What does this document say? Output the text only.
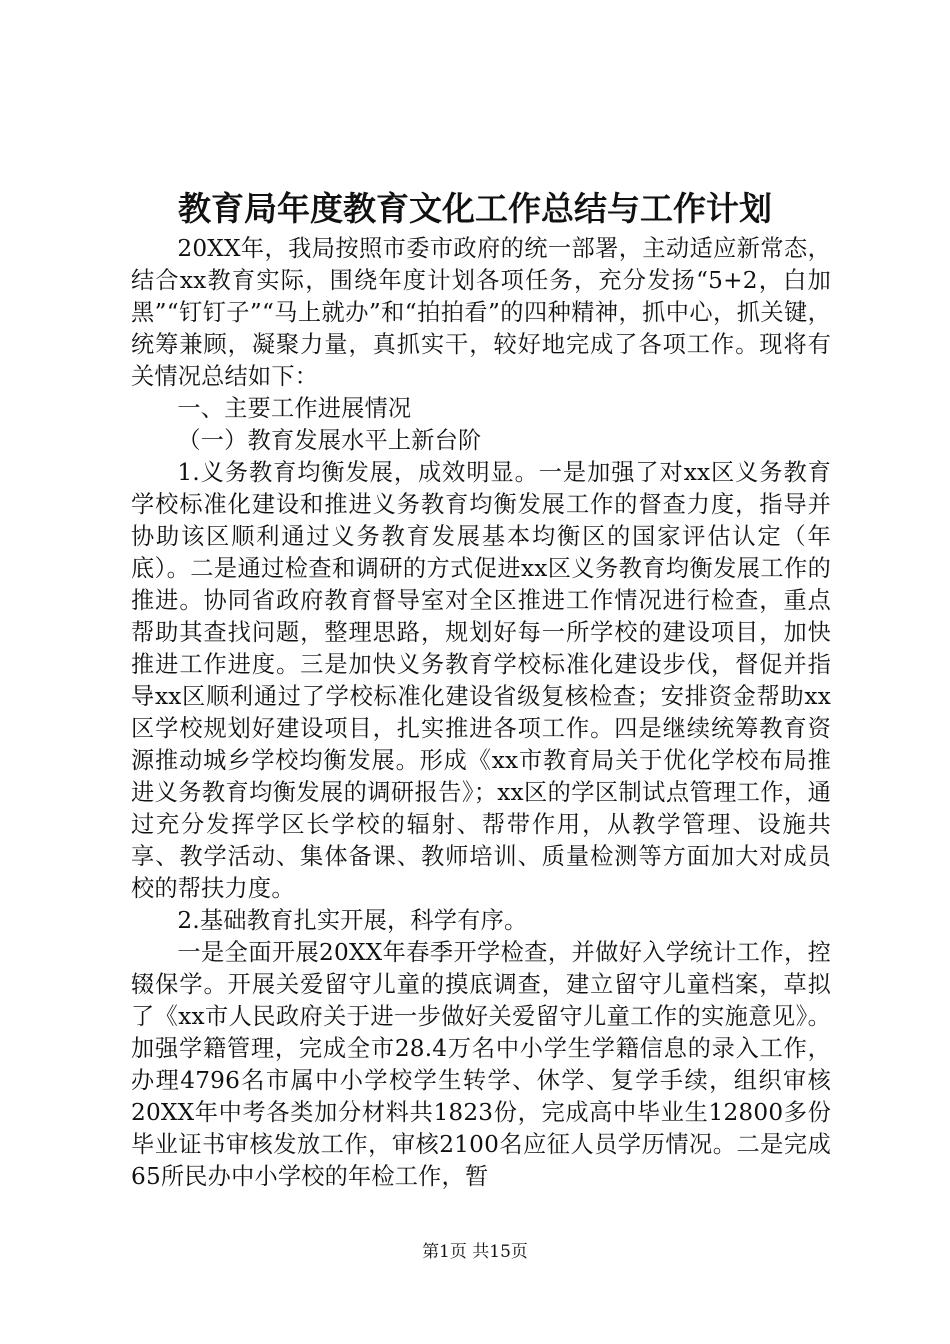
教育局年度教育文化工作总结与工作计划

20XX年，我局按照市委市政府的统一部署，主动适应新常态，结合xx教育实际，围绕年度计划各项任务，充分发扬“5+2，白加黑”“钉钉子”“马上就办”和“拍拍看”的四种精神，抓中心，抓关键，统筹兼顾，凝聚力量，真抓实干，较好地完成了各项工作。现将有关情况总结如下：

一、主要工作进展情况

（一）教育发展水平上新台阶

1.义务教育均衡发展，成效明显。一是加强了对xx区义务教育学校标准化建设和推进义务教育均衡发展工作的督查力度，指导并协助该区顺利通过义务教育发展基本均衡区的国家评估认定（年底）。二是通过检查和调研的方式促进xx区义务教育均衡发展工作的推进。协同省政府教育督导室对全区推进工作情况进行检查，重点帮助其查找问题，整理思路，规划好每一所学校的建设项目，加快推进工作进度。三是加快义务教育学校标准化建设步伐，督促并指导xx区顺利通过了学校标准化建设省级复核检查；安排资金帮助xx区学校规划好建设项目，扎实推进各项工作。四是继续统筹教育资源推动城乡学校均衡发展。形成《xx市教育局关于优化学校布局推进义务教育均衡发展的调研报告》；xx区的学区制试点管理工作，通过充分发挥学区长学校的辐射、帮带作用，从教学管理、设施共享、教学活动、集体备课、教师培训、质量检测等方面加大对成员校的帮扶力度。

2.基础教育扎实开展，科学有序。

一是全面开展20XX年春季开学检查，并做好入学统计工作，控辍保学。开展关爱留守儿童的摸底调查，建立留守儿童档案，草拟了《xx市人民政府关于进一步做好关爱留守儿童工作的实施意见》。加强学籍管理，完成全市28.4万名中小学生学籍信息的录入工作，办理4796名市属中小学校学生转学、休学、复学手续，组织审核20XX年中考各类加分材料共1823份，完成高中毕业生12800多份毕业证书审核发放工作，审核2100名应征人员学历情况。二是完成65所民办中小学校的年检工作，暂

第1页 共15页
